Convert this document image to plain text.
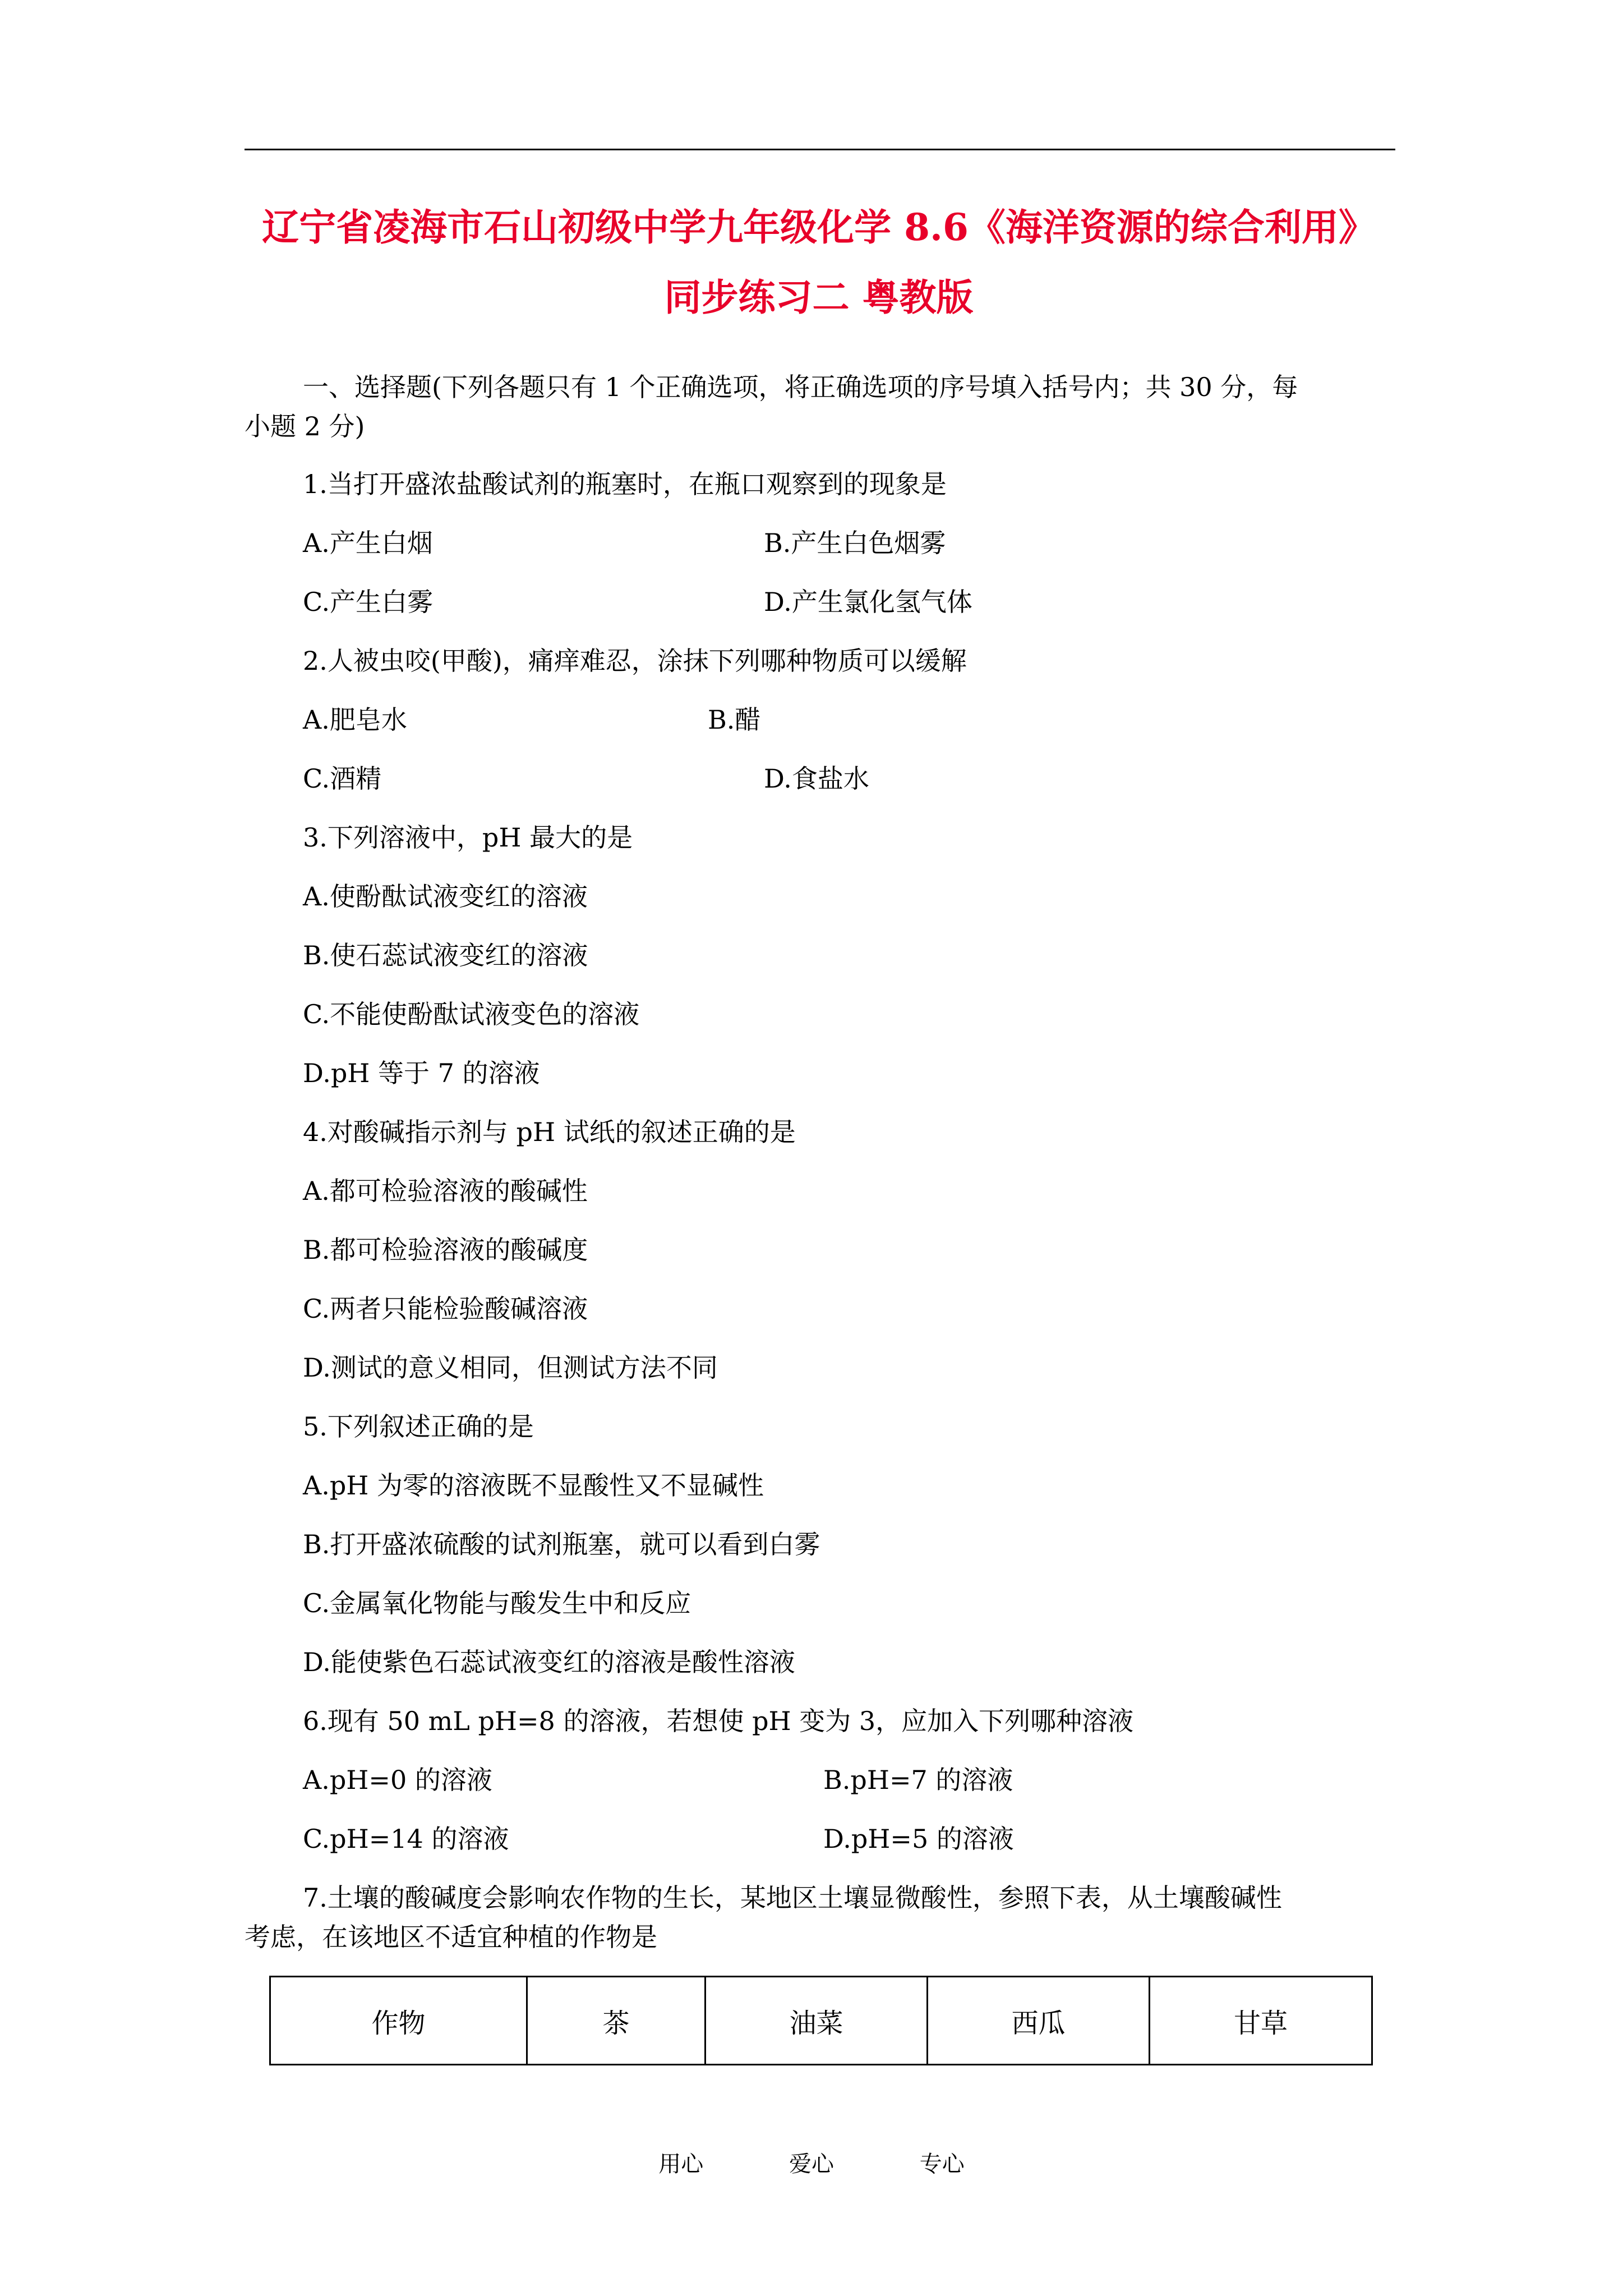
辽宁省凌海市石山初级中学九年级化学 8.6《海洋资源的综合利用》
同步练习二 粤教版
一、选择题(下列各题只有 1 个正确选项，将正确选项的序号填入括号内；共 30 分，每
小题 2 分)
1.当打开盛浓盐酸试剂的瓶塞时，在瓶口观察到的现象是
A.产生白烟	B.产生白色烟雾
C.产生白雾	D.产生氯化氢气体
2.人被虫咬(甲酸)，痛痒难忍，涂抹下列哪种物质可以缓解
A.肥皂水	B.醋
C.酒精	D.食盐水
3.下列溶液中，pH 最大的是
A.使酚酞试液变红的溶液
B.使石蕊试液变红的溶液
C.不能使酚酞试液变色的溶液
D.pH 等于 7 的溶液
4.对酸碱指示剂与 pH 试纸的叙述正确的是
A.都可检验溶液的酸碱性
B.都可检验溶液的酸碱度
C.两者只能检验酸碱溶液
D.测试的意义相同，但测试方法不同
5.下列叙述正确的是
A.pH 为零的溶液既不显酸性又不显碱性
B.打开盛浓硫酸的试剂瓶塞，就可以看到白雾
C.金属氧化物能与酸发生中和反应
D.能使紫色石蕊试液变红的溶液是酸性溶液
6.现有 50 mL pH=8 的溶液，若想使 pH 变为 3，应加入下列哪种溶液
A.pH=0 的溶液	B.pH=7 的溶液
C.pH=14 的溶液	D.pH=5 的溶液
7.土壤的酸碱度会影响农作物的生长，某地区土壤显微酸性，参照下表，从土壤酸碱性
考虑，在该地区不适宜种植的作物是
作物	茶	油菜	西瓜	甘草
用心	爱心	专心
